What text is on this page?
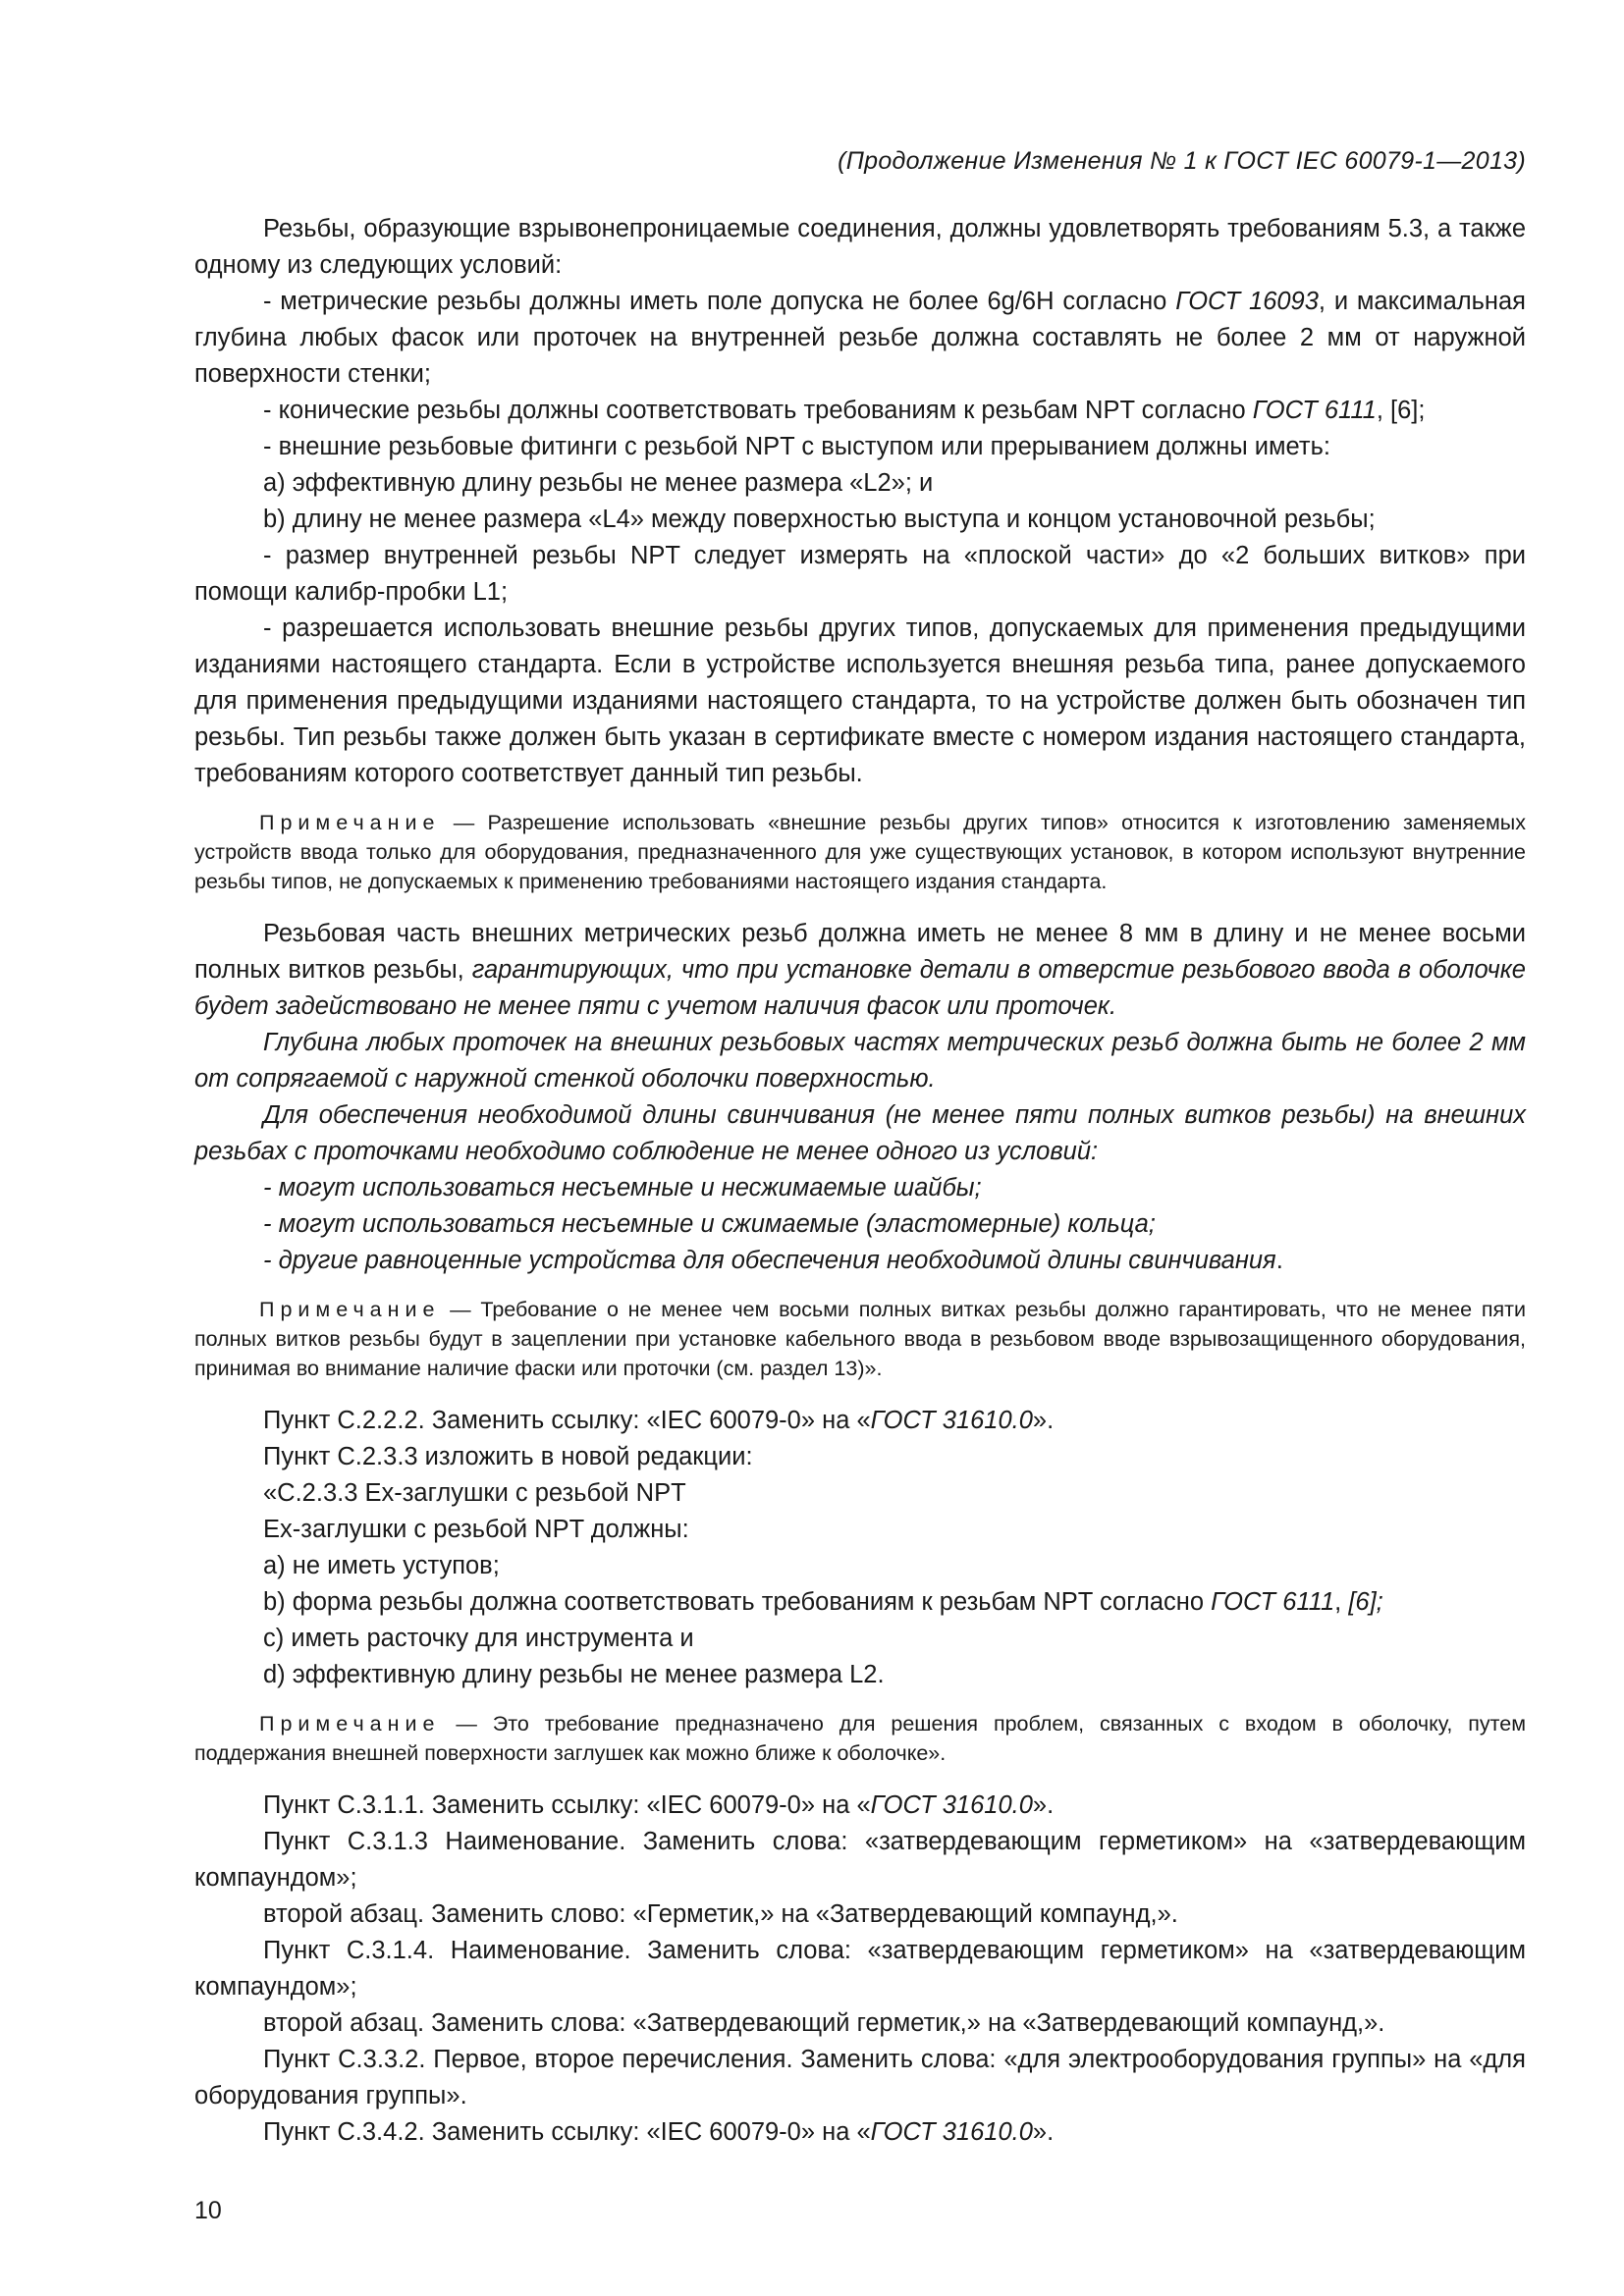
(Продолжение Изменения № 1 к ГОСТ IEC 60079-1—2013)

Резьбы, образующие взрывонепроницаемые соединения, должны удовлетворять требованиям 5.3, а также одному из следующих условий:

- метрические резьбы должны иметь поле допуска не более 6g/6H согласно ГОСТ 16093, и максимальная глубина любых фасок или проточек на внутренней резьбе должна составлять не более 2 мм от наружной поверхности стенки;

- конические резьбы должны соответствовать требованиям к резьбам NPT согласно ГОСТ 6111, [6];

- внешние резьбовые фитинги с резьбой NPT с выступом или прерыванием должны иметь:

a) эффективную длину резьбы не менее размера «L2»; и

b) длину не менее размера «L4» между поверхностью выступа и концом установочной резьбы;

- размер внутренней резьбы NPT следует измерять на «плоской части» до «2 больших витков» при помощи калибр-пробки L1;

- разрешается использовать внешние резьбы других типов, допускаемых для применения предыдущими изданиями настоящего стандарта. Если в устройстве используется внешняя резьба типа, ранее допускаемого для применения предыдущими изданиями настоящего стандарта, то на устройстве должен быть обозначен тип резьбы. Тип резьбы также должен быть указан в сертификате вместе с номером издания настоящего стандарта, требованиям которого соответствует данный тип резьбы.

Примечание — Разрешение использовать «внешние резьбы других типов» относится к изготовлению заменяемых устройств ввода только для оборудования, предназначенного для уже существующих установок, в котором используют внутренние резьбы типов, не допускаемых к применению требованиями настоящего издания стандарта.

Резьбовая часть внешних метрических резьб должна иметь не менее 8 мм в длину и не менее восьми полных витков резьбы, гарантирующих, что при установке детали в отверстие резьбового ввода в оболочке будет задействовано не менее пяти с учетом наличия фасок или проточек.

Глубина любых проточек на внешних резьбовых частях метрических резьб должна быть не более 2 мм от сопрягаемой с наружной стенкой оболочки поверхностью.

Для обеспечения необходимой длины свинчивания (не менее пяти полных витков резьбы) на внешних резьбах с проточками необходимо соблюдение не менее одного из условий:

- могут использоваться несъемные и несжимаемые шайбы;

- могут использоваться несъемные и сжимаемые (эластомерные) кольца;

- другие равноценные устройства для обеспечения необходимой длины свинчивания.

Примечание — Требование о не менее чем восьми полных витках резьбы должно гарантировать, что не менее пяти полных витков резьбы будут в зацеплении при установке кабельного ввода в резьбовом вводе взрывозащищенного оборудования, принимая во внимание наличие фаски или проточки (см. раздел 13)».

Пункт С.2.2.2. Заменить ссылку: «IEC 60079-0» на «ГОСТ 31610.0».

Пункт С.2.3.3 изложить в новой редакции:

«С.2.3.3 Ех-заглушки с резьбой NPT

Ех-заглушки с резьбой NPT должны:

a) не иметь уступов;

b) форма резьбы должна соответствовать требованиям к резьбам NPT согласно ГОСТ 6111, [6];

c) иметь расточку для инструмента и

d) эффективную длину резьбы не менее размера L2.

Примечание — Это требование предназначено для решения проблем, связанных с входом в оболочку, путем поддержания внешней поверхности заглушек как можно ближе к оболочке».

Пункт С.3.1.1. Заменить ссылку: «IEC 60079-0» на «ГОСТ 31610.0».

Пункт С.3.1.3 Наименование. Заменить слова: «затвердевающим герметиком» на «затвердевающим компаундом»;

второй абзац. Заменить слово: «Герметик,» на «Затвердевающий компаунд,».

Пункт С.3.1.4. Наименование. Заменить слова: «затвердевающим герметиком» на «затвердевающим компаундом»;

второй абзац. Заменить слова: «Затвердевающий герметик,» на «Затвердевающий компаунд,».

Пункт С.3.3.2. Первое, второе перечисления. Заменить слова: «для электрооборудования группы» на «для оборудования группы».

Пункт С.3.4.2. Заменить ссылку: «IEC 60079-0» на «ГОСТ 31610.0».

10
